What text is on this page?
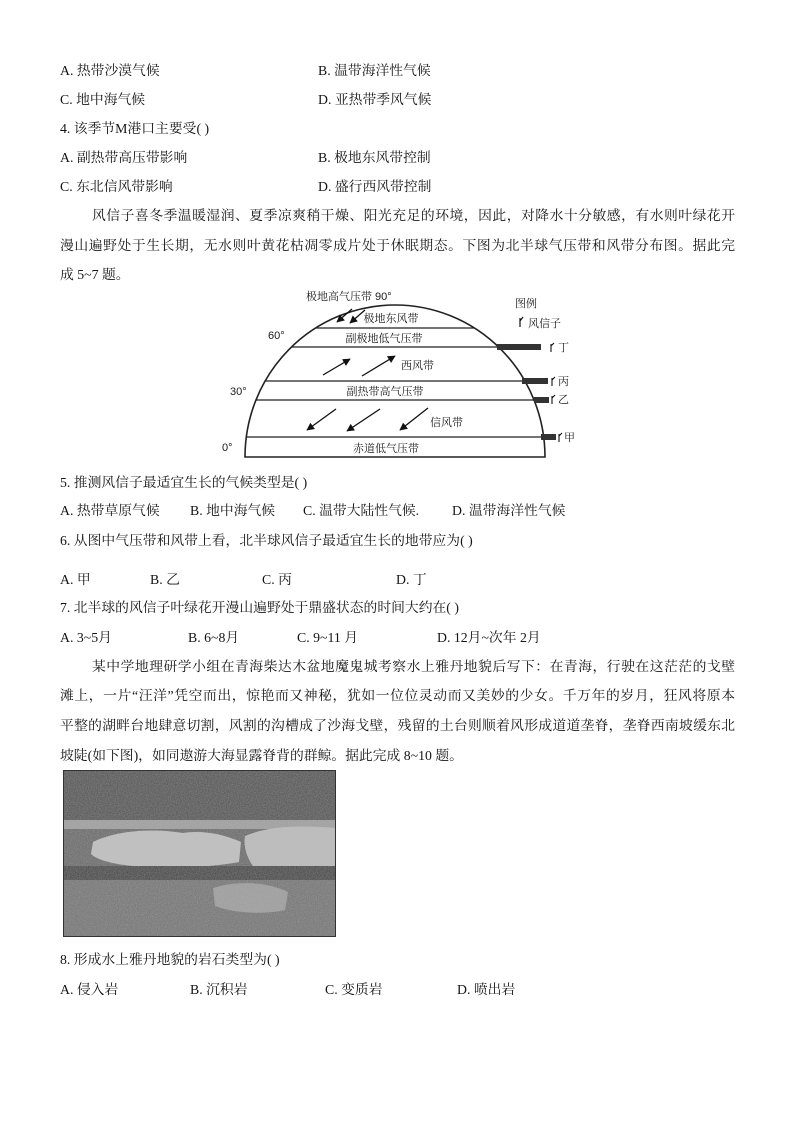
A. 热带沙漠气候	B. 温带海洋性气候
C. 地中海气候	D. 亚热带季风气候
4. 该季节M港口主要受( )
A. 副热带高压带影响	B. 极地东风带控制
C. 东北信风带影响	D. 盛行西风带控制
风信子喜冬季温暖湿润、夏季凉爽稍干燥、阳光充足的环境，因此，对降水十分敏感，有水则叶绿花开
漫山遍野处于生长期，无水则叶黄花枯凋零成片处于休眠期态。下图为北半球气压带和风带分布图。据此完
成 5~7 题。
极地高气压带 90°
60°
30°
0°
极地东风带
副极地低气压带
西风带
副热带高气压带
信风带
赤道低气压带
图例
风信子
丁
丙
乙
甲
5. 推测风信子最适宜生长的气候类型是( )
A. 热带草原气候 B. 地中海气候 C. 温带大陆性气候. D. 温带海洋性气候
6. 从图中气压带和风带上看，北半球风信子最适宜生长的地带应为( )
A. 甲	B. 乙	C. 丙	D. 丁
7. 北半球的风信子叶绿花开漫山遍野处于鼎盛状态的时间大约在( )
A. 3~5月	B. 6~8月	C. 9~11 月	D. 12月~次年 2月
某中学地理研学小组在青海柴达木盆地魔鬼城考察水上雅丹地貌后写下：在青海，行驶在这茫茫的戈壁
滩上，一片“汪洋”凭空而出，惊艳而又神秘，犹如一位位灵动而又美妙的少女。千万年的岁月，狂风将原本
平整的湖畔台地肆意切割，风割的沟槽成了沙海戈壁，残留的土台则顺着风形成道道垄脊，垄脊西南坡缓东北
坡陡(如下图)，如同遨游大海显露脊背的群鲸。据此完成 8~10 题。
8. 形成水上雅丹地貌的岩石类型为( )
A. 侵入岩	B. 沉积岩	C. 变质岩	D. 喷出岩
